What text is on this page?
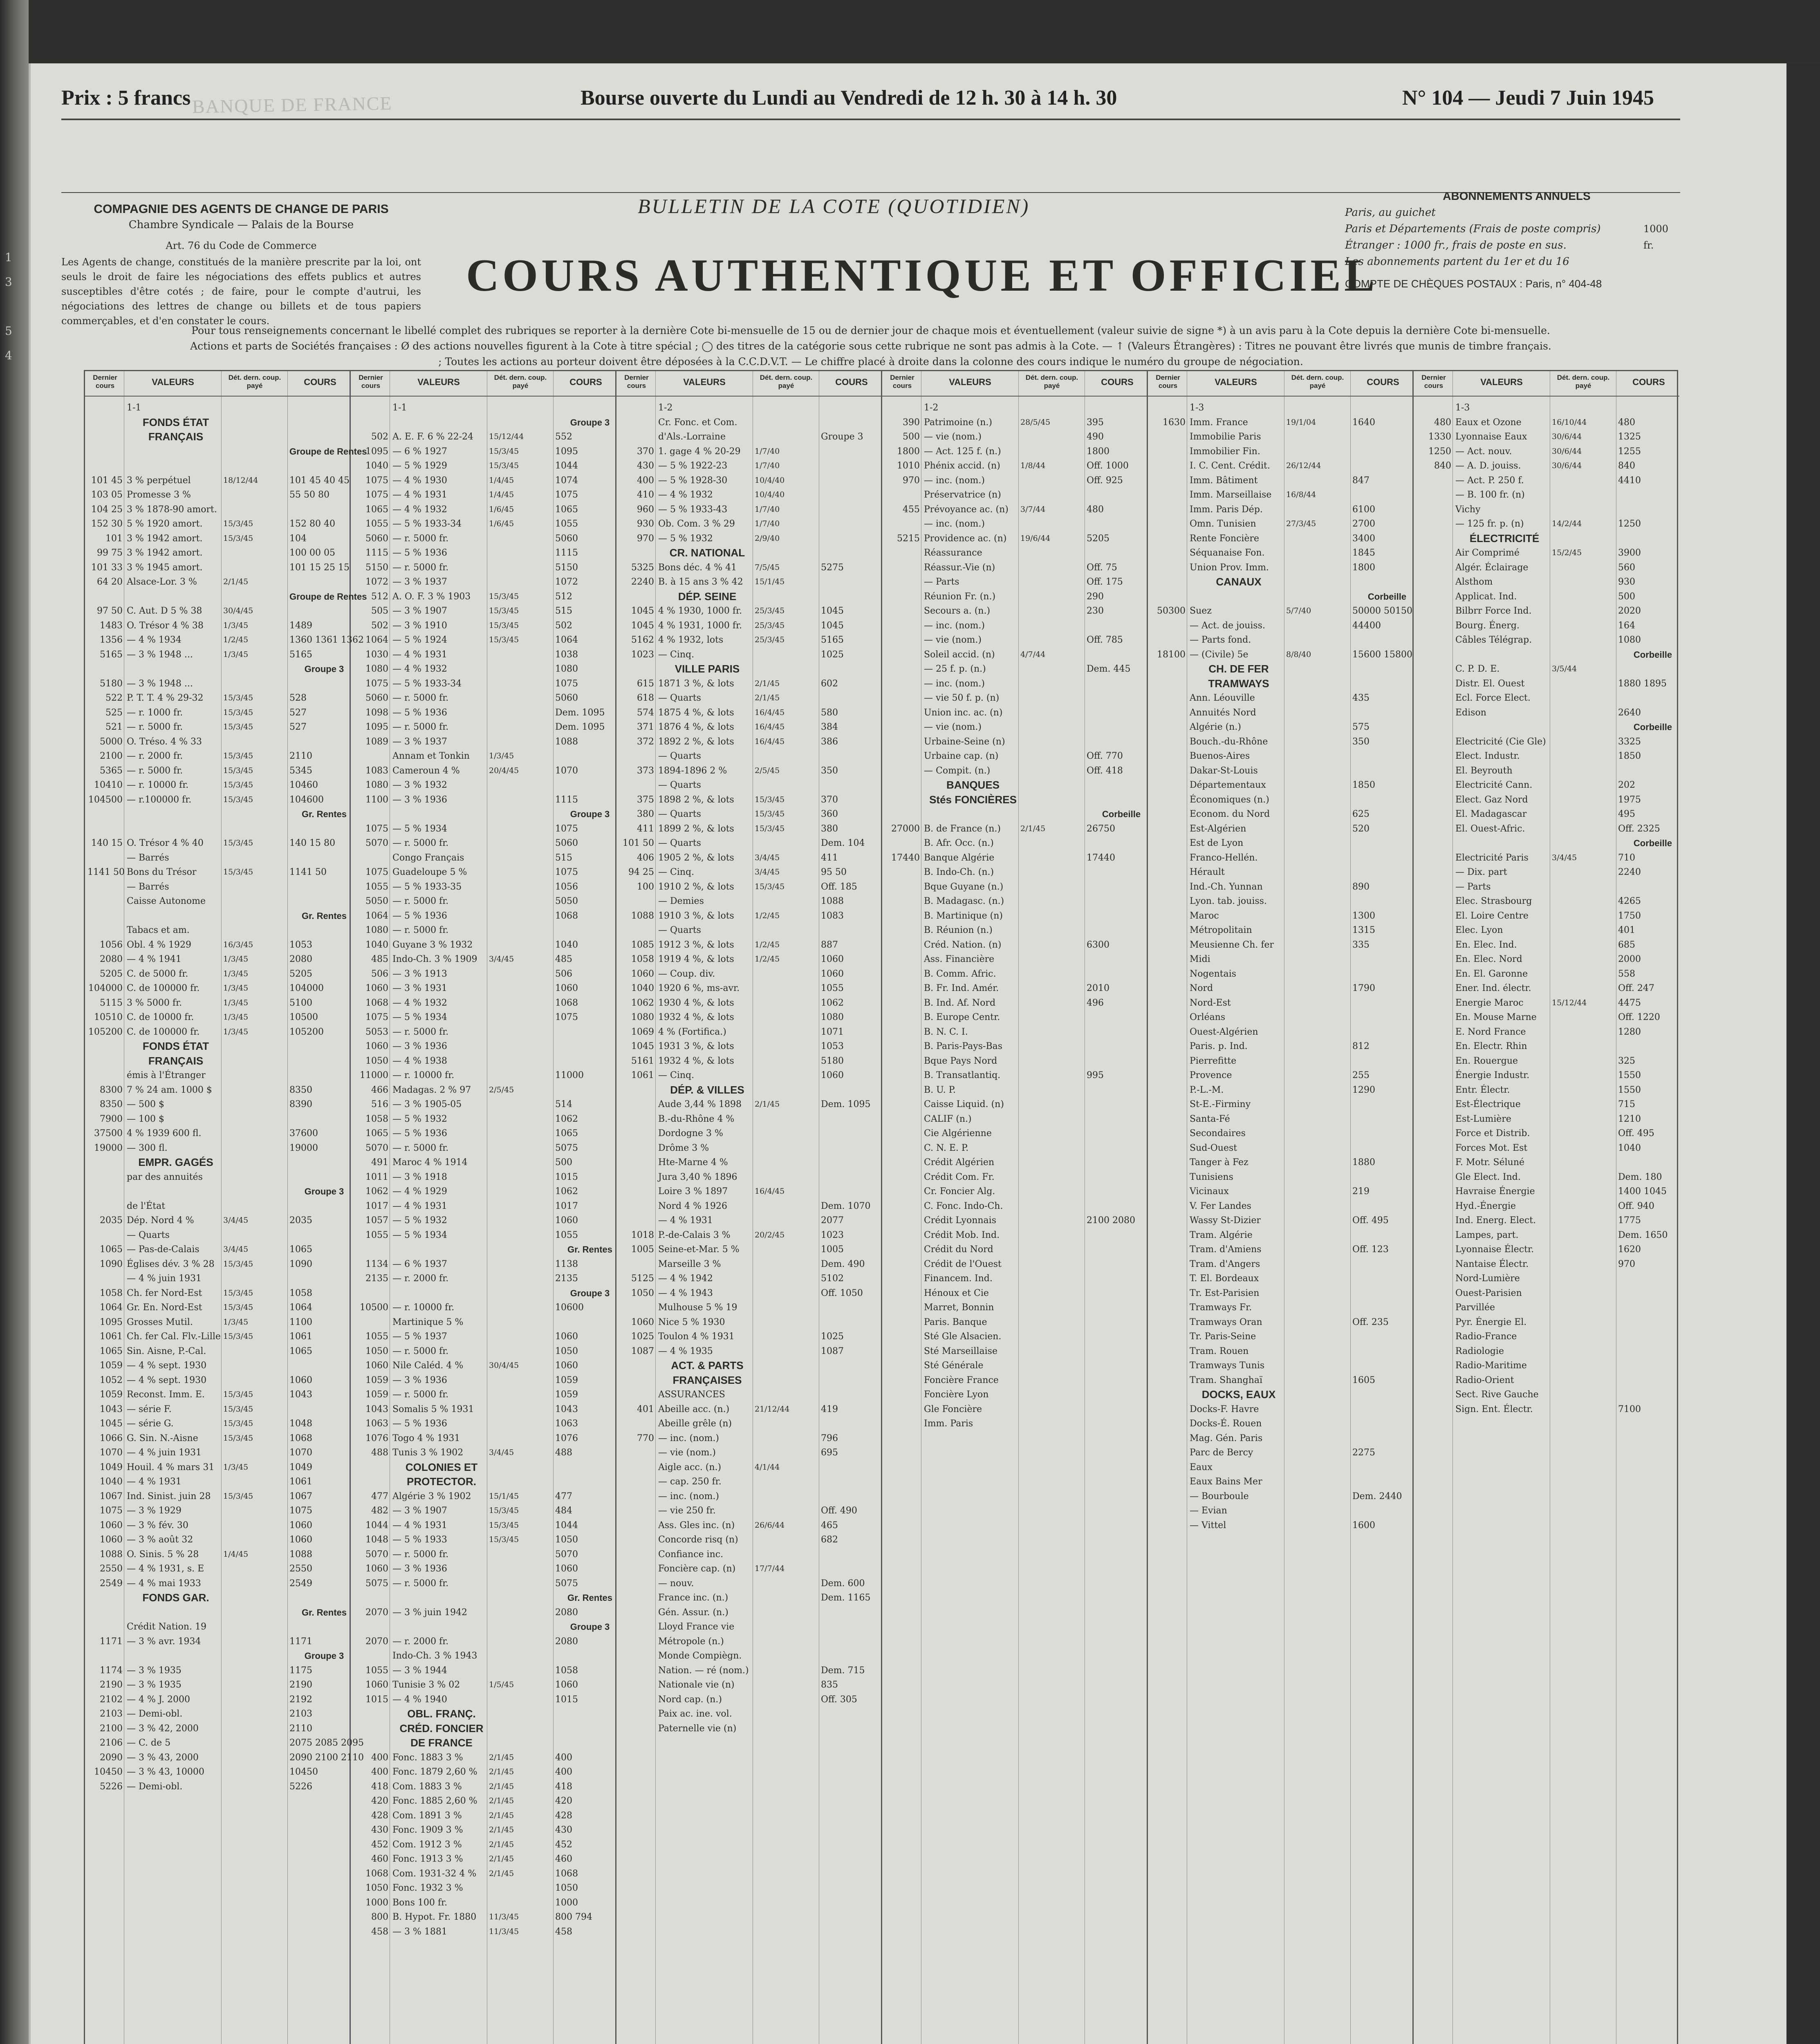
Prix : 5 francs BANQUE DE FRANCE	Bourse ouverte du Lundi au Vendredi de 12 h. 30 à 14 h. 30	N° 104 — Jeudi 7 Juin 1945
COMPAGNIE DES AGENTS DE CHANGE DE PARIS
Chambre Syndicale — Palais de la Bourse
Art. 76 du Code de Commerce
Les Agents de change, constitués de la manière prescrite par la loi, ont seuls le droit de faire les négociations des effets publics et autres susceptibles d'être cotés ; de faire, pour le compte d'autrui, les négociations des lettres de change ou billets et de tous papiers commerçables, et d'en constater le cours.
BULLETIN DE LA COTE (QUOTIDIEN)
COURS AUTHENTIQUE ET OFFICIEL
ABONNEMENTS ANNUELS
Paris, au guichet
Paris et Départements (Frais de poste compris)
Étranger : 1000 fr., frais de poste en sus.
Les abonnements partent du 1er et du 16
1000 fr.
COMPTE DE CHÈQUES POSTAUX : Paris, n° 404-48
Pour tous renseignements concernant le libellé complet des rubriques se reporter à la dernière Cote bi-mensuelle de 15 ou de dernier jour de chaque mois et éventuellement (valeur suivie de signe *) à un avis paru à la Cote depuis la dernière Cote bi-mensuelle.
Actions et parts de Sociétés françaises : Ø des actions nouvelles figurent à la Cote à titre spécial ; ◯ des titres de la catégorie sous cette rubrique ne sont pas admis à la Cote. — ↑ (Valeurs Étrangères) : Titres ne pouvant être livrés que munis de timbre français.
; Toutes les actions au porteur doivent être déposées à la C.C.D.V.T. — Le chiffre placé à droite dans la colonne des cours indique le numéro du groupe de négociation.
Dernier cours	VALEURS	Dét. dern. coup. payé	COURS
1-1
FONDS ÉTAT
FRANÇAIS
Groupe de Rentes
101 45 3 % perpétuel	18/12/44	101 45 40 45
103 05 Promesse 3 %	55 50 80
104 25 3 % 1878-90 amort.
152 30 5 % 1920 amort.	15/3/45	152 80 40
101 3 % 1942 amort.	15/3/45	104
99 75 3 % 1942 amort.	100 00 05
101 33 3 % 1945 amort.	101 15 25 15
64 20 Alsace-Lor. 3 %	2/1/45
Groupe de Rentes
97 50 C. Aut. D 5 % 38	30/4/45
1483 O. Trésor 4 % 38	1/3/45	1489
1356 — 4 % 1934	1/2/45	1360 1361 1362
5165 — 3 % 1948 ...	1/3/45	5165
Groupe 3
5180 — 3 % 1948 ...
522 P. T. T. 4 % 29-32	15/3/45	528
525 — r. 1000 fr.	15/3/45	527
521 — r. 5000 fr.	15/3/45	527
5000 O. Tréso. 4 % 33
2100 — r. 2000 fr.	15/3/45	2110
5365 — r. 5000 fr.	15/3/45	5345
10410 — r. 10000 fr.	15/3/45	10460
104500 — r.100000 fr.	15/3/45	104600
Gr. Rentes
140 15 O. Trésor 4 % 40	15/3/45	140 15 80
— Barrés
1141 50 Bons du Trésor	15/3/45	1141 50
— Barrés
Caisse Autonome
Gr. Rentes
Tabacs et am.
1056 Obl. 4 % 1929	16/3/45	1053
2080 — 4 % 1941	1/3/45	2080
5205 C. de 5000 fr.	1/3/45	5205
104000 C. de 100000 fr.	1/3/45	104000
5115 3 % 5000 fr.	1/3/45	5100
10510 C. de 10000 fr.	1/3/45	10500
105200 C. de 100000 fr.	1/3/45	105200
FONDS ÉTAT
FRANÇAIS
émis à l'Étranger
8300 7 % 24 am. 1000 $	8350
8350 — 500 $	8390
7900 — 100 $
37500 4 % 1939 600 fl.	37600
19000 — 300 fl.	19000
EMPR. GAGÉS
par des annuités
Groupe 3
de l'État
2035 Dép. Nord 4 %	3/4/45	2035
— Quarts
1065 — Pas-de-Calais	3/4/45	1065
1090 Églises dév. 3 % 28	15/3/45	1090
— 4 % juin 1931
1058 Ch. fer Nord-Est	15/3/45	1058
1064 Gr. En. Nord-Est	15/3/45	1064
1095 Grosses Mutil.	1/3/45	1100
1061 Ch. fer Cal. Flv.-Lille 15/3/45	1061
1065 Sin. Aisne, P.-Cal.	1065
1059 — 4 % sept. 1930
1052 — 4 % sept. 1930	1060
1059 Reconst. Imm. E.	15/3/45	1043
1043 — série F.	15/3/45
1045 — série G.	15/3/45	1048
1066 G. Sin. N.-Aisne	15/3/45	1068
1070 — 4 % juin 1931	1070
1049 Houil. 4 % mars 31	1/3/45	1049
1040 — 4 % 1931	1061
1067 Ind. Sinist. juin 28	15/3/45	1067
1075 — 3 % 1929	1075
1060 — 3 % fév. 30	1060
1060 — 3 % août 32	1060
1088 O. Sinis. 5 % 28	1/4/45	1088
2550 — 4 % 1931, s. E	2550
2549 — 4 % mai 1933	2549
FONDS GAR.
Gr. Rentes
Crédit Nation. 19
1171 — 3 % avr. 1934	1171
Groupe 3
1174 — 3 % 1935	1175
2190 — 3 % 1935	2190
2102 — 4 % J. 2000	2192
2103 — Demi-obl.	2103
2100 — 3 % 42, 2000	2110
2106 — C. de 5	2075 2085 2095
2090 — 3 % 43, 2000	2090 2100 2110
10450 — 3 % 43, 10000	10450
5226 — Demi-obl.	5226
Dernier cours	VALEURS	Dét. dern. coup. payé	COURS
1-1
Groupe 3
502 A. E. F. 6 % 22-24	15/12/44	552
1095 — 6 % 1927	15/3/45	1095
1040 — 5 % 1929	15/3/45	1044
1075 — 4 % 1930	1/4/45	1074
1075 — 4 % 1931	1/4/45	1075
1065 — 4 % 1932	1/6/45	1065
1055 — 5 % 1933-34	1/6/45	1055
5060 — r. 5000 fr.	5060
1115 — 5 % 1936	1115
5150 — r. 5000 fr.	5150
1072 — 3 % 1937	1072
512 A. O. F. 3 % 1903	15/3/45	512
505 — 3 % 1907	15/3/45	515
502 — 3 % 1910	15/3/45	502
1064 — 5 % 1924	15/3/45	1064
1030 — 4 % 1931	1038
1080 — 4 % 1932	1080
1075 — 5 % 1933-34	1075
5060 — r. 5000 fr.	5060
1098 — 5 % 1936	Dem. 1095
1095 — r. 5000 fr.	Dem. 1095
1089 — 3 % 1937	1088
Annam et Tonkin	1/3/45
1083 Cameroun 4 %	20/4/45	1070
1080 — 3 % 1932
1100 — 3 % 1936	1115
Groupe 3
1075 — 5 % 1934	1075
5070 — r. 5000 fr.	5060
Congo Français	515
1075 Guadeloupe 5 %	1075
1055 — 5 % 1933-35	1056
5050 — r. 5000 fr.	5050
1064 — 5 % 1936	1068
1080 — r. 5000 fr.
1040 Guyane 3 % 1932	1040
485 Indo-Ch. 3 % 1909	3/4/45	485
506 — 3 % 1913	506
1060 — 3 % 1931	1060
1068 — 4 % 1932	1068
1075 — 5 % 1934	1075
5053 — r. 5000 fr.
1060 — 3 % 1936
1050 — 4 % 1938
11000 — r. 10000 fr.	11000
466 Madagas. 2 % 97	2/5/45
516 — 3 % 1905-05	514
1058 — 5 % 1932	1062
1065 — 5 % 1936	1065
5070 — r. 5000 fr.	5075
491 Maroc 4 % 1914	500
1011 — 3 % 1918	1015
1062 — 4 % 1929	1062
1017 — 4 % 1931	1017
1057 — 5 % 1932	1060
1055 — 5 % 1934	1055
Gr. Rentes
1134 — 6 % 1937	1138
2135 — r. 2000 fr.	2135
Groupe 3
10500 — r. 10000 fr.	10600
Martinique 5 %
1055 — 5 % 1937	1060
1050 — r. 5000 fr.	1050
1060 Nile Caléd. 4 %	30/4/45	1060
1059 — 3 % 1936	1059
1059 — r. 5000 fr.	1059
1043 Somalis 5 % 1931	1043
1063 — 5 % 1936	1063
1076 Togo 4 % 1931	1076
488 Tunis 3 % 1902	3/4/45	488
COLONIES ET
PROTECTOR.
477 Algérie 3 % 1902	15/1/45	477
482 — 3 % 1907	15/3/45	484
1044 — 4 % 1931	15/3/45	1044
1048 — 5 % 1933	15/3/45	1050
5070 — r. 5000 fr.	5070
1060 — 3 % 1936	1060
5075 — r. 5000 fr.	5075
Gr. Rentes
2070 — 3 % juin 1942	2080
Groupe 3
2070 — r. 2000 fr.	2080
Indo-Ch. 3 % 1943
1055 — 3 % 1944	1058
1060 Tunisie 3 % 02	1/5/45	1060
1015 — 4 % 1940	1015
OBL. FRANÇ.
CRÉD. FONCIER
DE FRANCE
400 Fonc. 1883 3 %	2/1/45	400
400 Fonc. 1879 2,60 %	2/1/45	400
418 Com. 1883 3 %	2/1/45	418
420 Fonc. 1885 2,60 %	2/1/45	420
428 Com. 1891 3 %	2/1/45	428
430 Fonc. 1909 3 %	2/1/45	430
452 Com. 1912 3 %	2/1/45	452
460 Fonc. 1913 3 %	2/1/45	460
1068 Com. 1931-32 4 %	2/1/45	1068
1050 Fonc. 1932 3 %	1050
1000 Bons 100 fr.	1000
800 B. Hypot. Fr. 1880	11/3/45	800 794
458 — 3 % 1881	11/3/45	458
Dernier cours	VALEURS	Dét. dern. coup. payé	COURS
1-2
Cr. Fonc. et Com.
d'Als.-Lorraine	Groupe 3
370 1. gage 4 % 20-29	1/7/40
430 — 5 % 1922-23	1/7/40
400 — 5 % 1928-30	10/4/40
410 — 4 % 1932	10/4/40
960 — 5 % 1933-43	1/7/40
930 Ob. Com. 3 % 29	1/7/40
970 — 5 % 1932	2/9/40
CR. NATIONAL
5325 Bons déc. 4 % 41	7/5/45	5275
2240 B. à 15 ans 3 % 42	15/1/45
DÉP. SEINE
1045 4 % 1930, 1000 fr.	25/3/45	1045
1045 4 % 1931, 1000 fr.	25/3/45	1045
5162 4 % 1932, lots	25/3/45	5165
1023 — Cinq.	1025
VILLE PARIS
615 1871 3 %, & lots	2/1/45	602
618 — Quarts	2/1/45
574 1875 4 %, & lots	16/4/45	580
371 1876 4 %, & lots	16/4/45	384
372 1892 2 %, & lots	16/4/45	386
— Quarts
373 1894-1896 2 %	2/5/45	350
— Quarts
375 1898 2 %, & lots	15/3/45	370
380 — Quarts	15/3/45	360
411 1899 2 %, & lots	15/3/45	380
101 50 — Quarts	Dem. 104
406 1905 2 %, & lots	3/4/45	411
94 25 — Cinq.	3/4/45	95 50
100 1910 2 %, & lots	15/3/45	Off. 185
— Demies	1088
1088 1910 3 %, & lots	1/2/45	1083
— Quarts
1085 1912 3 %, & lots	1/2/45	887
1058 1919 4 %, & lots	1/2/45	1060
1060 — Coup. div.	1060
1040 1920 6 %, ms-avr.	1055
1062 1930 4 %, & lots	1062
1080 1932 4 %, & lots	1080
1069 4 % (Fortifica.)	1071
1045 1931 3 %, & lots	1053
5161 1932 4 %, & lots	5180
1061 — Cinq.	1060
DÉP. & VILLES
Aude 3,44 % 1898	2/1/45	Dem. 1095
B.-du-Rhône 4 %
Dordogne 3 %
Drôme 3 %
Hte-Marne 4 %
Jura 3,40 % 1896
Loire 3 % 1897	16/4/45
Nord 4 % 1926	Dem. 1070
— 4 % 1931	2077
1018 P.-de-Calais 3 %	20/2/45	1023
1005 Seine-et-Mar. 5 %	1005
Marseille 3 %	Dem. 490
5125 — 4 % 1942	5102
1050 — 4 % 1943	Off. 1050
Mulhouse 5 % 19
1060 Nice 5 % 1930
1025 Toulon 4 % 1931	1025
1087 — 4 % 1935	1087
ACT. & PARTS
FRANÇAISES
ASSURANCES
401 Abeille acc. (n.)	21/12/44	419
Abeille grêle (n)
770 — inc. (nom.)	796
— vie (nom.)	695
Aigle acc. (n.)	4/1/44
— cap. 250 fr.
— inc. (nom.)
— vie 250 fr.	Off. 490
Ass. Gles inc. (n)	26/6/44	465
Concorde risq (n)	682
Confiance inc.
Foncière cap. (n)	17/7/44
— nouv.	Dem. 600
France inc. (n.)	Dem. 1165
Gén. Assur. (n.)
Lloyd France vie
Métropole (n.)
Monde Compiègn.
Nation. — ré (nom.)	Dem. 715
Nationale vie (n)	835
Nord cap. (n.)	Off. 305
Paix ac. ine. vol.
Paternelle vie (n)
Dernier cours	VALEURS	Dét. dern. coup. payé	COURS
1-2
390 Patrimoine (n.)	28/5/45	395
500 — vie (nom.)	490
1800 — Act. 125 f. (n.)	1800
1010 Phénix accid. (n)	1/8/44	Off. 1000
970 — inc. (nom.)	Off. 925
Préservatrice (n)
455 Prévoyance ac. (n)	3/7/44	480
— inc. (nom.)
5215 Providence ac. (n)	19/6/44	5205
Réassurance
Réassur.-Vie (n)	Off. 75
— Parts	Off. 175
Réunion Fr. (n.)	290
Secours a. (n.)	230
— inc. (nom.)
— vie (nom.)	Off. 785
Soleil accid. (n)	4/7/44
— 25 f. p. (n.)	Dem. 445
— inc. (nom.)
— vie 50 f. p. (n)
Union inc. ac. (n)
— vie (nom.)
Urbaine-Seine (n)
Urbaine cap. (n)	Off. 770
— Compit. (n.)	Off. 418
BANQUES
Stés FONCIÈRES
Corbeille
27000 B. de France (n.)	2/1/45	26750
B. Afr. Occ. (n.)
17440 Banque Algérie	17440
B. Indo-Ch. (n.)
Bque Guyane (n.)
B. Madagasc. (n.)
B. Martinique (n)
B. Réunion (n.)
Créd. Nation. (n)	6300
Ass. Financière
B. Comm. Afric.
B. Fr. Ind. Amér.	2010
B. Ind. Af. Nord	496
B. Europe Centr.
B. N. C. I.
B. Paris-Pays-Bas
Bque Pays Nord
B. Transatlantiq.	995
B. U. P.
Caisse Liquid. (n)
CALIF (n.)
Cie Algérienne
C. N. E. P.
Crédit Algérien
Crédit Com. Fr.
Cr. Foncier Alg.
C. Fonc. Indo-Ch.
Crédit Lyonnais	2100 2080
Crédit Mob. Ind.
Crédit du Nord
Crédit de l'Ouest
Financem. Ind.
Hénoux et Cie
Marret, Bonnin
Paris. Banque
Sté Gle Alsacien.
Sté Marseillaise
Sté Générale
Foncière France
Foncière Lyon
Gle Foncière
Imm. Paris
Dernier cours	VALEURS	Dét. dern. coup. payé	COURS
1-3
1630 Imm. France	19/1/04	1640
Immobilie Paris
Immobilier Fin.
I. C. Cent. Crédit.	26/12/44
Imm. Bâtiment	847
Imm. Marseillaise	16/8/44
Imm. Paris Dép.	6100
Omn. Tunisien	27/3/45	2700
Rente Foncière	3400
Séquanaise Fon.	1845
Union Prov. Imm.	1800
CANAUX
Corbeille
50300 Suez	5/7/40	50000 50150
— Act. de jouiss.	44400
— Parts fond.
18100 — (Civile) 5e	8/8/40	15600 15800
CH. DE FER
TRAMWAYS
Ann. Léouville	435
Annuités Nord
Algérie (n.)	575
Bouch.-du-Rhône	350
Buenos-Aires
Dakar-St-Louis
Départementaux	1850
Économiques (n.)
Econom. du Nord	625
Est-Algérien	520
Est de Lyon
Franco-Hellén.
Hérault
Ind.-Ch. Yunnan	890
Lyon. tab. jouiss.
Maroc	1300
Métropolitain	1315
Meusienne Ch. fer	335
Midi
Nogentais
Nord	1790
Nord-Est
Orléans
Ouest-Algérien
Paris. p. Ind.	812
Pierrefitte
Provence	255
P.-L.-M.	1290
St-E.-Firminy
Santa-Fé
Secondaires
Sud-Ouest
Tanger à Fez	1880
Tunisiens
Vicinaux	219
V. Fer Landes
Wassy St-Dizier	Off. 495
Tram. Algérie
Tram. d'Amiens	Off. 123
Tram. d'Angers
T. El. Bordeaux
Tr. Est-Parisien
Tramways Fr.
Tramways Oran	Off. 235
Tr. Paris-Seine
Tram. Rouen
Tramways Tunis
Tram. Shanghaï	1605
DOCKS, EAUX
Docks-F. Havre
Docks-É. Rouen
Mag. Gén. Paris
Parc de Bercy	2275
Eaux
Eaux Bains Mer
— Bourboule	Dem. 2440
— Evian
— Vittel	1600
Dernier cours	VALEURS	Dét. dern. coup. payé	COURS
1-3
480 Eaux et Ozone	16/10/44	480
1330 Lyonnaise Eaux	30/6/44	1325
1250 — Act. nouv.	30/6/44	1255
840 — A. D. jouiss.	30/6/44	840
— Act. P. 250 f.	4410
— B. 100 fr. (n)
Vichy
— 125 fr. p. (n)	14/2/44	1250
ÉLECTRICITÉ
Air Comprimé	15/2/45	3900
Algér. Éclairage	560
Alsthom	930
Applicat. Ind.	500
Bilbrr Force Ind.	2020
Bourg. Énerg.	164
Câbles Télégrap.	1080
Corbeille
C. P. D. E.	3/5/44
Distr. El. Ouest	1880 1895
Ecl. Force Elect.
Edison	2640
Corbeille
Electricité (Cie Gle)	3325
Elect. Industr.	1850
El. Beyrouth
Electricité Cann.	202
Elect. Gaz Nord	1975
El. Madagascar	495
El. Ouest-Afric.	Off. 2325
Corbeille
Electricité Paris	3/4/45	710
— Dix. part	2240
— Parts
Elec. Strasbourg	4265
El. Loire Centre	1750
Elec. Lyon	401
En. Elec. Ind.	685
En. Elec. Nord	2000
En. El. Garonne	558
Ener. Ind. électr.	Off. 247
Energie Maroc	15/12/44	4475
En. Mouse Marne	Off. 1220
E. Nord France	1280
En. Electr. Rhin
En. Rouergue	325
Énergie Industr.	1550
Entr. Électr.	1550
Est-Électrique	715
Est-Lumière	1210
Force et Distrib.	Off. 495
Forces Mot. Est	1040
F. Motr. Séluné
Gle Elect. Ind.	Dem. 180
Havraise Énergie	1400 1045
Hyd.-Énergie	Off. 940
Ind. Energ. Elect.	1775
Lampes, part.	Dem. 1650
Lyonnaise Électr.	1620
Nantaise Électr.	970
Nord-Lumière
Ouest-Parisien
Parvillée
Pyr. Énergie El.
Radio-France
Radiologie
Radio-Maritime
Radio-Orient
Sect. Rive Gauche
Sign. Ent. Électr.	7100
1
3

5
4
